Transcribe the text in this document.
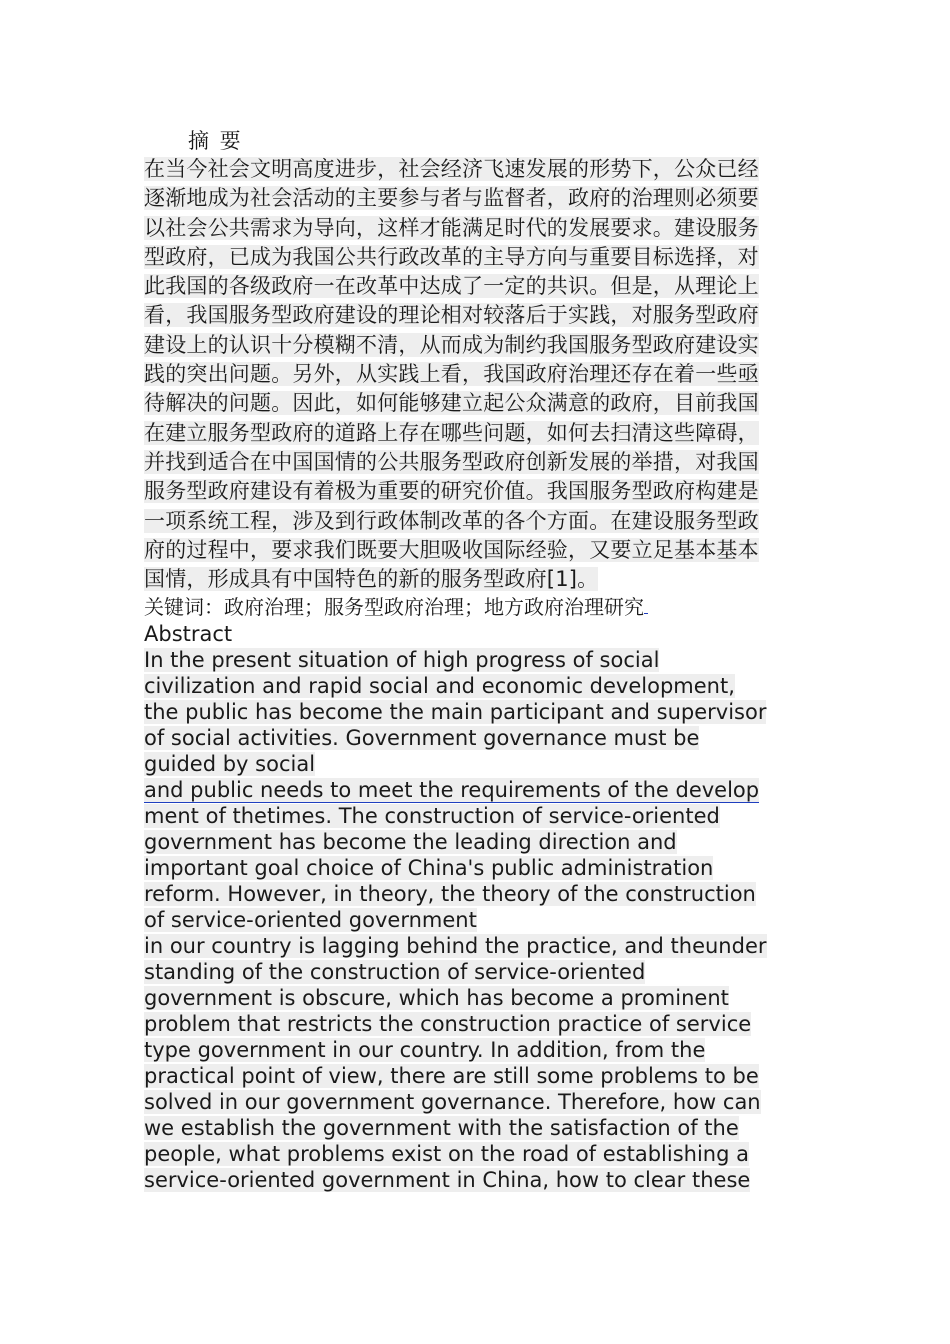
摘 要
在当今社会文明高度进步，社会经济飞速发展的形势下，公众已经
逐渐地成为社会活动的主要参与者与监督者，政府的治理则必须要
以社会公共需求为导向，这样才能满足时代的发展要求。建设服务
型政府，已成为我国公共行政改革的主导方向与重要目标选择，对
此我国的各级政府一在改革中达成了一定的共识。但是，从理论上
看，我国服务型政府建设的理论相对较落后于实践，对服务型政府
建设上的认识十分模糊不清，从而成为制约我国服务型政府建设实
践的突出问题。另外，从实践上看，我国政府治理还存在着一些亟
待解决的问题。因此，如何能够建立起公众满意的政府，目前我国
在建立服务型政府的道路上存在哪些问题，如何去扫清这些障碍，
并找到适合在中国国情的公共服务型政府创新发展的举措，对我国
服务型政府建设有着极为重要的研究价值。我国服务型政府构建是
一项系统工程，涉及到行政体制改革的各个方面。在建设服务型政
府的过程中，要求我们既要大胆吸收国际经验，又要立足基本基本
国情，形成具有中国特色的新的服务型政府[1]。
关键词：政府治理；服务型政府治理；地方政府治理研究
Abstract
In the present situation of high progress of social
civilization and rapid social and economic development,
the public has become the main participant and supervisor
of social activities. Government governance must be
guided by social
and public needs to meet the requirements of the develop
ment of thetimes. The construction of service-oriented
government has become the leading direction and
important goal choice of China's public administration
reform. However, in theory, the theory of the construction
of service-oriented government
in our country is lagging behind the practice, and theunder
standing of the construction of service-oriented
government is obscure, which has become a prominent
problem that restricts the construction practice of service
type government in our country. In addition, from the
practical point of view, there are still some problems to be
solved in our government governance. Therefore, how can
we establish the government with the satisfaction of the
people, what problems exist on the road of establishing a
service-oriented government in China, how to clear these
